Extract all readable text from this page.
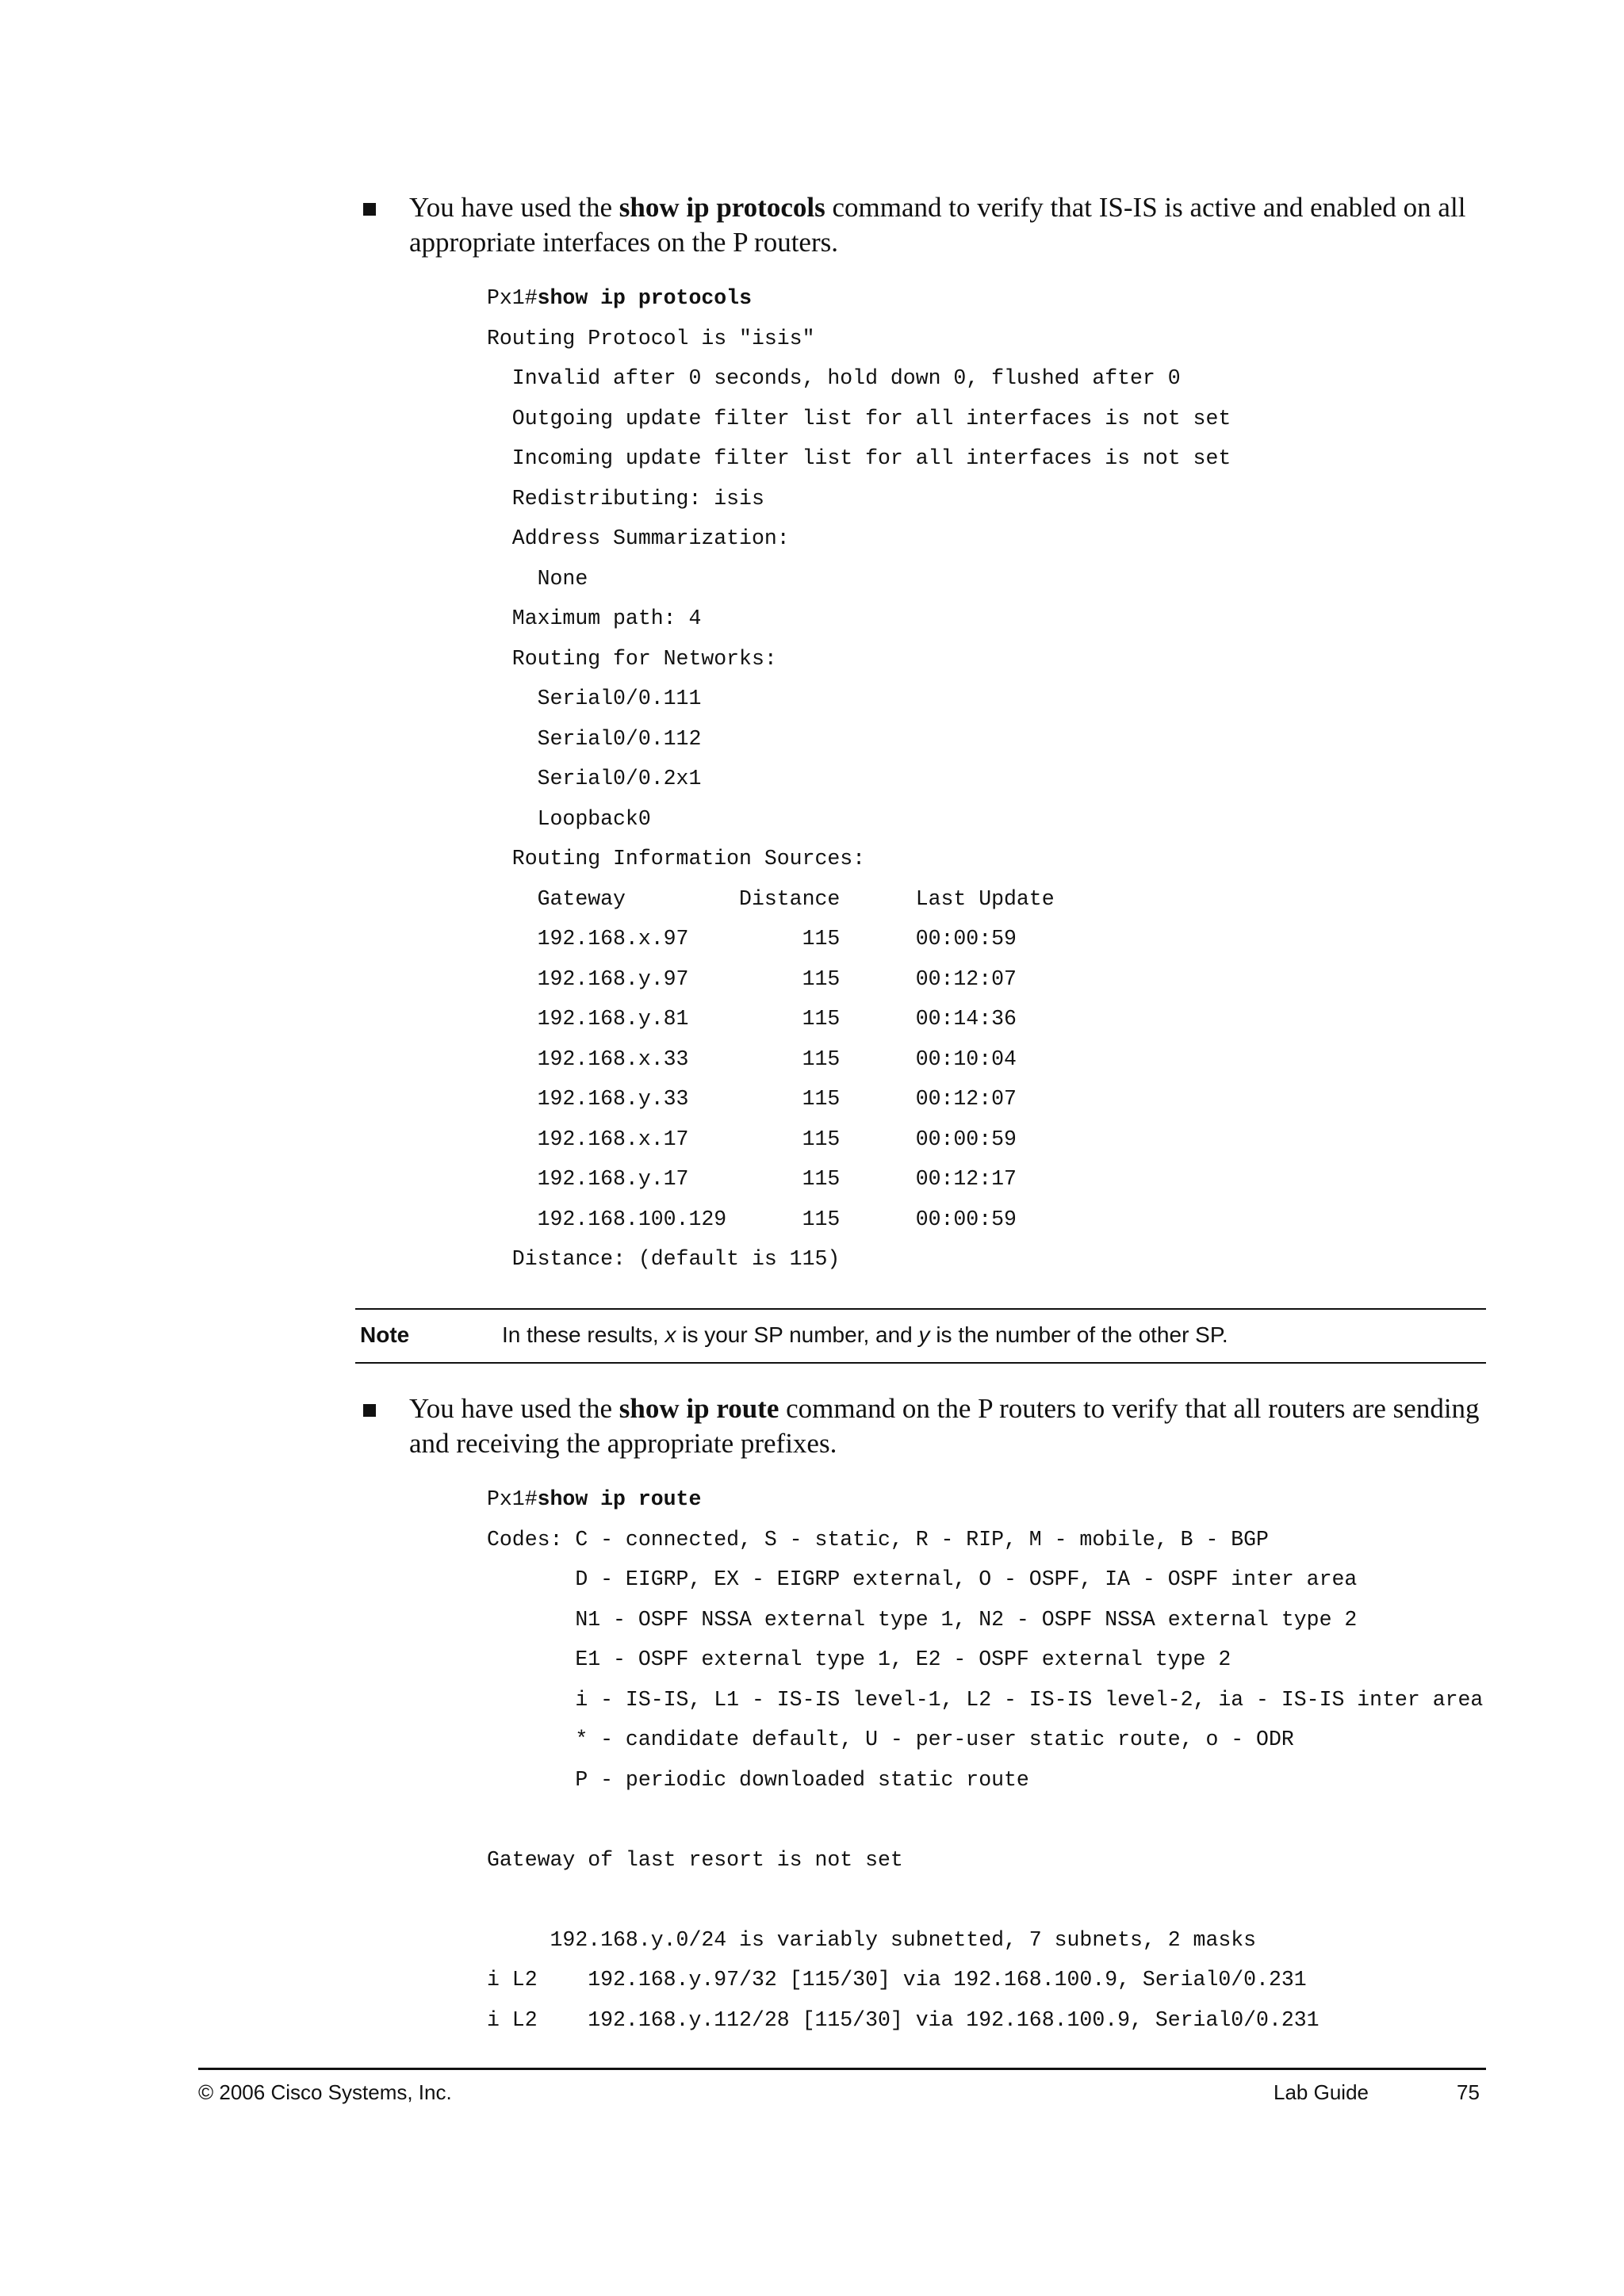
You have used the show ip protocols command to verify that IS-IS is active and enabled on all appropriate interfaces on the P routers.
Px1#show ip protocols
Routing Protocol is "isis"
Invalid after 0 seconds, hold down 0, flushed after 0
Outgoing update filter list for all interfaces is not set
Incoming update filter list for all interfaces is not set
Redistributing: isis
Address Summarization:
None
Maximum path: 4
Routing for Networks:
Serial0/0.111
Serial0/0.112
Serial0/0.2x1
Loopback0
Routing Information Sources:
Gateway         Distance      Last Update
192.168.x.97         115      00:00:59
192.168.y.97         115      00:12:07
192.168.y.81         115      00:14:36
192.168.x.33         115      00:10:04
192.168.y.33         115      00:12:07
192.168.x.17         115      00:00:59
192.168.y.17         115      00:12:17
192.168.100.129      115      00:00:59
Distance: (default is 115)
Note	In these results, x is your SP number, and y is the number of the other SP.
You have used the show ip route command on the P routers to verify that all routers are sending and receiving the appropriate prefixes.
Px1#show ip route
Codes: C - connected, S - static, R - RIP, M - mobile, B - BGP
D - EIGRP, EX - EIGRP external, O - OSPF, IA - OSPF inter area
N1 - OSPF NSSA external type 1, N2 - OSPF NSSA external type 2
E1 - OSPF external type 1, E2 - OSPF external type 2
i - IS-IS, L1 - IS-IS level-1, L2 - IS-IS level-2, ia - IS-IS inter area
* - candidate default, U - per-user static route, o - ODR
P - periodic downloaded static route

Gateway of last resort is not set

192.168.y.0/24 is variably subnetted, 7 subnets, 2 masks
i L2    192.168.y.97/32 [115/30] via 192.168.100.9, Serial0/0.231
i L2    192.168.y.112/28 [115/30] via 192.168.100.9, Serial0/0.231
© 2006 Cisco Systems, Inc.	Lab Guide	75
